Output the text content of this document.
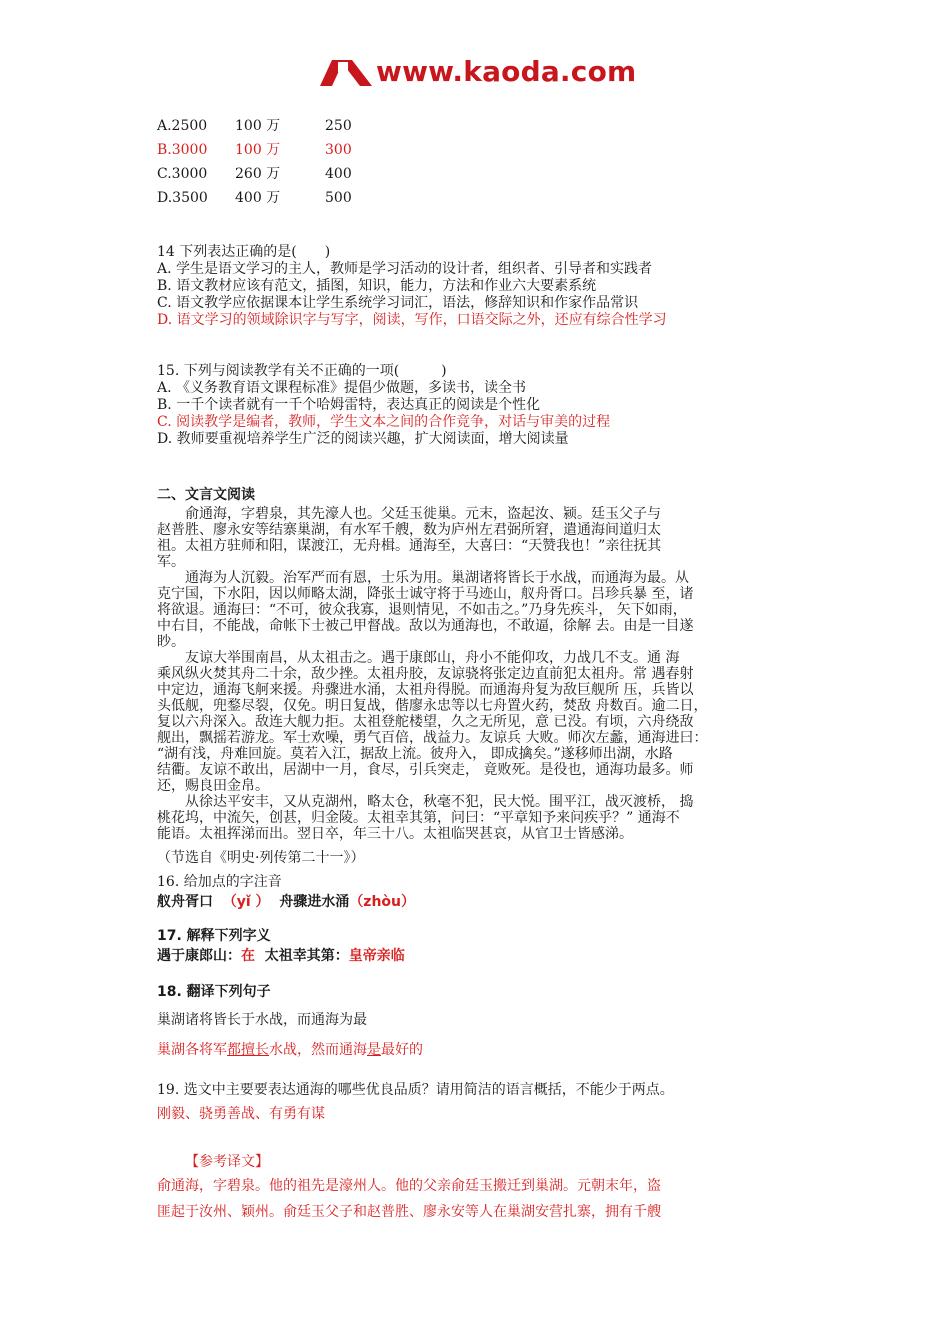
www.kaoda.com
A.2500	100 万	250
B.3000	100 万	300
C.3000	260 万	400
D.3500	400 万	500
14 下列表达正确的是(　　)
A. 学生是语文学习的主人，教师是学习活动的设计者，组织者、引导者和实践者
B. 语文教材应该有范文，插图，知识，能力，方法和作业六大要素系统
C. 语文教学应依据课本让学生系统学习词汇，语法，修辞知识和作家作品常识
D. 语文学习的领域除识字与写字，阅读，写作，口语交际之外，还应有综合性学习
15. 下列与阅读教学有关不正确的一项(　　　)
A. 《义务教育语文课程标准》提倡少做题，多读书，读全书
B. 一千个读者就有一千个哈姆雷特，表达真正的阅读是个性化
C. 阅读教学是编者，教师，学生文本之间的合作竞争，对话与审美的过程
D. 教师要重视培养学生广泛的阅读兴趣，扩大阅读面，增大阅读量
二、文言文阅读
俞通海，字碧泉，其先濠人也。父廷玉徙巢。元末，盗起汝、颍。廷玉父子与
赵普胜、廖永安等结寨巢湖，有水军千艘，数为庐州左君弼所窘，遣通海间道归太
祖。太祖方驻师和阳，谋渡江，无舟楫。通海至，大喜曰：“天赞我也！”亲往抚其
军。
通海为人沉毅。治军严而有恩，士乐为用。巢湖诸将皆长于水战，而通海为最。从
克宁国，下水阳，因以师略太湖，降张士诚守将于马迹山，舣舟胥口。吕珍兵暴 至，诸
将欲退。通海曰：“不可，彼众我寡，退则情见，不如击之。”乃身先疾斗， 矢下如雨，
中右目，不能战，命帐下士被己甲督战。敌以为通海也，不敢逼，徐解 去。由是一目遂
眇。
友谅大举围南昌，从太祖击之。遇于康郎山，舟小不能仰攻，力战几不支。通 海
乘风纵火焚其舟二十余，敌少挫。太祖舟胶，友谅骁将张定边直前犯太祖舟。常 遇春射
中定边，通海飞舸来援。舟骤进水涌，太祖舟得脱。而通海舟复为敌巨舰所 压，兵皆以
头低舰，兜鍪尽裂，仅免。明日复战，偕廖永忠等以七舟置火药，焚敌 舟数百。逾二日，
复以六舟深入。敌连大舰力拒。太祖登舵楼望，久之无所见，意 已没。有顷，六舟绕敌
舰出，飘摇若游龙。军士欢噪，勇气百倍，战益力。友谅兵 大败。师次左蠡，通海进曰：
“湖有浅，舟难回旋。莫若入江，据敌上流。彼舟入， 即成擒矣。”遂移师出湖，水路
结衢。友谅不敢出，居湖中一月，食尽，引兵突走， 竟败死。是役也，通海功最多。师
还，赐良田金帛。
从徐达平安丰，又从克湖州，略太仓，秋毫不犯，民大悦。围平江，战灭渡桥， 捣
桃花坞，中流矢，创甚，归金陵。太祖幸其第，问曰：“平章知予来问疾乎？” 通海不
能语。太祖挥涕而出。翌日卒，年三十八。太祖临哭甚哀，从官卫士皆感涕。
（节选自《明史·列传第二十一》）
16. 给加点的字注音
舣舟胥口 （yǐ ） 舟骤进水涌（zhòu）
17. 解释下列字义
遇于康郎山：在 太祖幸其第：皇帝亲临
18. 翻译下列句子
巢湖诸将皆长于水战，而通海为最
巢湖各将军都擅长水战，然而通海是最好的
19. 选文中主要要表达通海的哪些优良品质？请用简洁的语言概括，不能少于两点。
刚毅、骁勇善战、有勇有谋
【参考译文】
俞通海，字碧泉。他的祖先是濠州人。他的父亲俞廷玉搬迁到巢湖。元朝末年，盗
匪起于汝州、颖州。俞廷玉父子和赵普胜、廖永安等人在巢湖安营扎寨，拥有千艘
